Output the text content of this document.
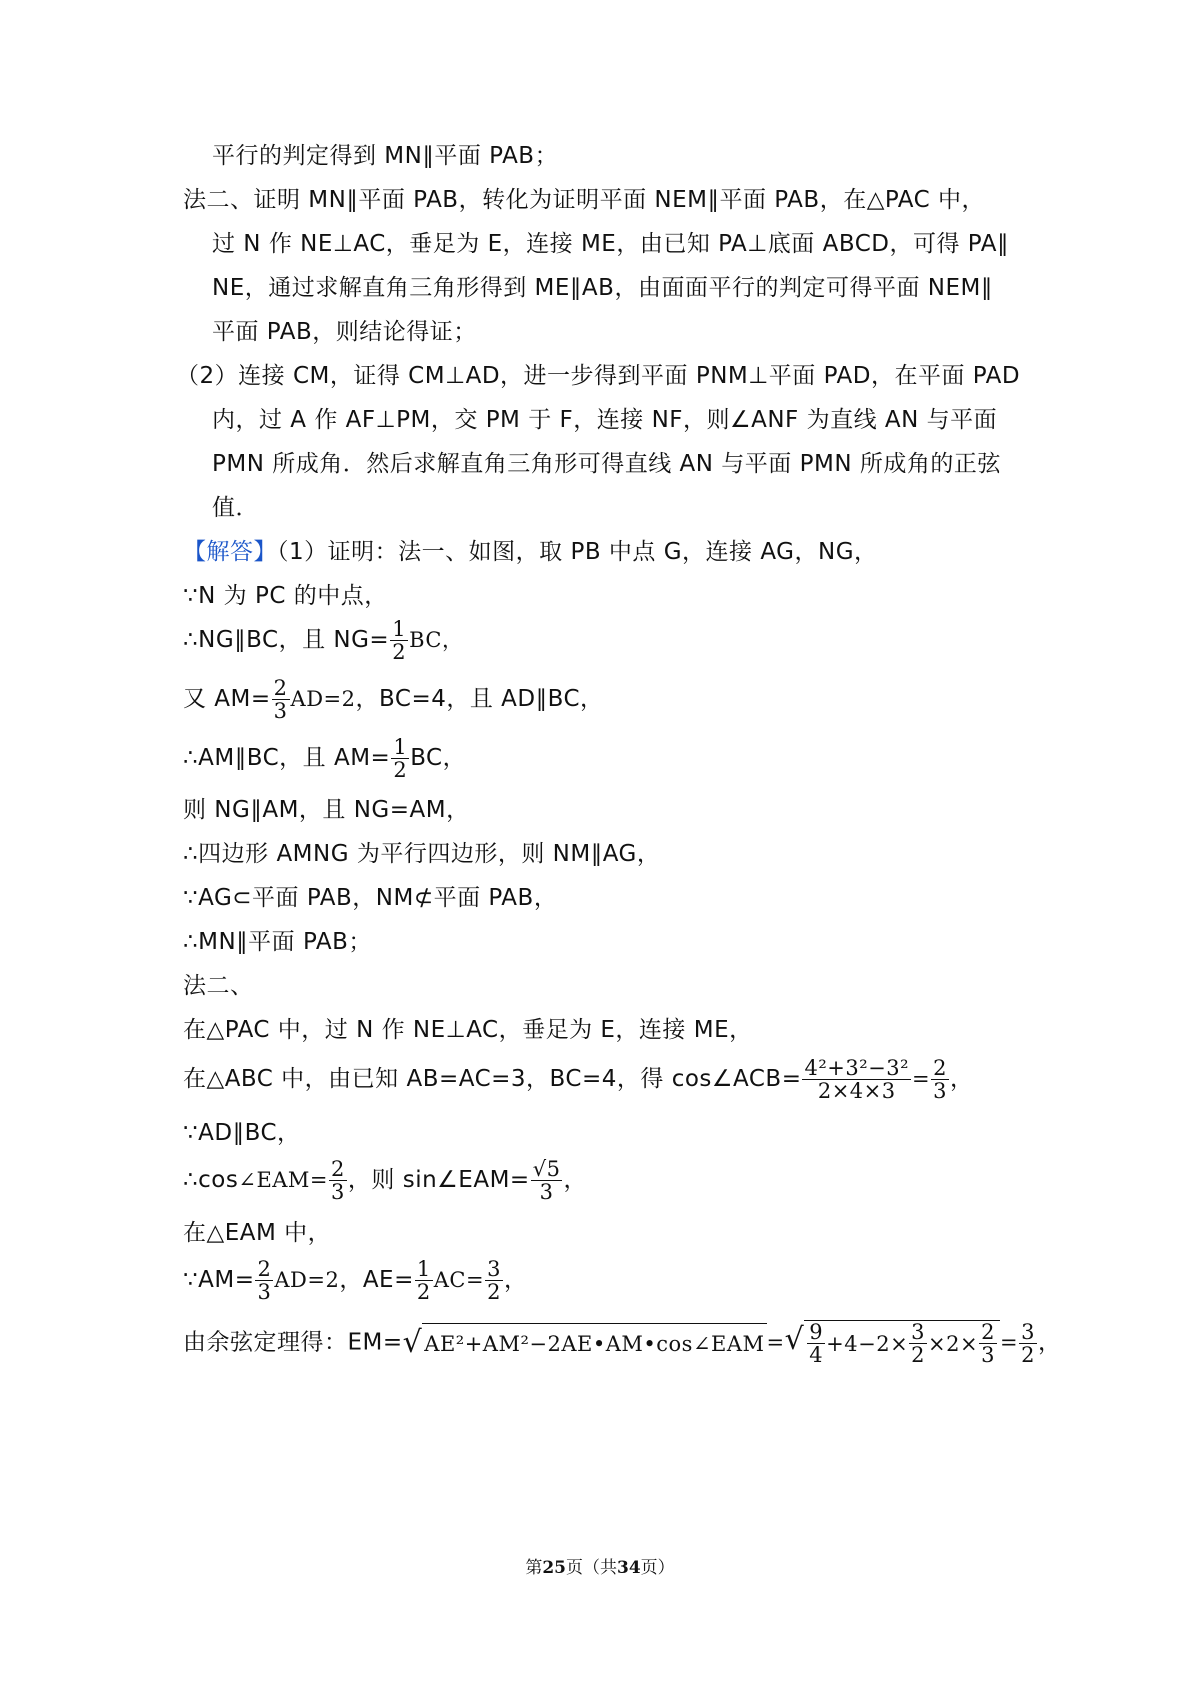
平行的判定得到 MN∥平面 PAB；
法二、证明 MN∥平面 PAB，转化为证明平面 NEM∥平面 PAB，在△PAC 中，
过 N 作 NE⊥AC，垂足为 E，连接 ME，由已知 PA⊥底面 ABCD，可得 PA∥
NE，通过求解直角三角形得到 ME∥AB，由面面平行的判定可得平面 NEM∥
平面 PAB，则结论得证；
（2）连接 CM，证得 CM⊥AD，进一步得到平面 PNM⊥平面 PAD，在平面 PAD
内，过 A 作 AF⊥PM，交 PM 于 F，连接 NF，则∠ANF 为直线 AN 与平面
PMN 所成角．然后求解直角三角形可得直线 AN 与平面 PMN 所成角的正弦
值．
【解答】（1）证明：法一、如图，取 PB 中点 G，连接 AG，NG，
∵N 为 PC 的中点，
∴NG∥BC，且 $NG= \frac{1}{2}$ BC，
又 $AM= \frac{2}{3} AD=2$，BC=4，且 AD∥BC，
∴AM∥BC，且 $AM= \frac{1}{2}$ BC，
则 NG∥AM，且 NG=AM，
∴四边形 AMNG 为平行四边形，则 NM∥AG，
∵AG⊂平面 PAB，NM⊄平面 PAB，
∴MN∥平面 PAB；
法二、
在△PAC 中，过 N 作 NE⊥AC，垂足为 E，连接 ME，
在△ABC 中，由已知 AB=AC=3，BC=4，得 cos∠ACB= $\frac{\text{4²+3²−3²}}{2\times 4\times 3} = \frac{2}{3}$ ，
∵AD∥BC，
∴cos∠EAM= $\frac{2}{3}$ ，则 sin∠EAM= $\frac{√5}{3}$ ，
在△EAM 中，
∵AM= $\frac{2}{3} AD=2$，$AE= \frac{1}{2} AC= \frac{3}{2}$ ，
由余弦定理得：EM= √ AE²+AM²−2AE•AM•cos∠EAM = √ $\frac{9}{4} +4-2\times \frac{3}{2} \times 2\times \frac{2}{3} = \frac{3}{2}$ ，
第25页（共34页）
